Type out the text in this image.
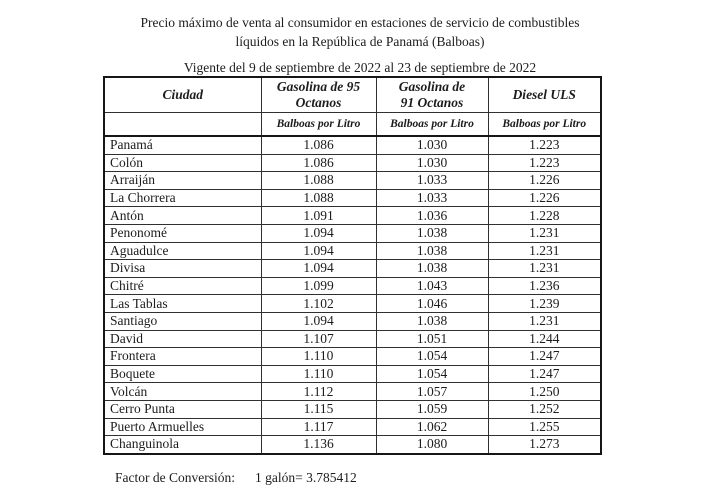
Precio máximo de venta al consumidor en estaciones de servicio de combustibles
líquidos en la República de Panamá (Balboas)
Vigente del 9 de septiembre de 2022 al 23 de septiembre de 2022
Ciudad	Gasolina de 95 Octanos	Gasolina de 91 Octanos	Diesel ULS
	Balboas por Litro	Balboas por Litro	Balboas por Litro
Panamá	1.086	1.030	1.223
Colón	1.086	1.030	1.223
Arraiján	1.088	1.033	1.226
La Chorrera	1.088	1.033	1.226
Antón	1.091	1.036	1.228
Penonomé	1.094	1.038	1.231
Aguadulce	1.094	1.038	1.231
Divisa	1.094	1.038	1.231
Chitré	1.099	1.043	1.236
Las Tablas	1.102	1.046	1.239
Santiago	1.094	1.038	1.231
David	1.107	1.051	1.244
Frontera	1.110	1.054	1.247
Boquete	1.110	1.054	1.247
Volcán	1.112	1.057	1.250
Cerro Punta	1.115	1.059	1.252
Puerto Armuelles	1.117	1.062	1.255
Changuinola	1.136	1.080	1.273
Factor de Conversión: 1 galón= 3.785412
